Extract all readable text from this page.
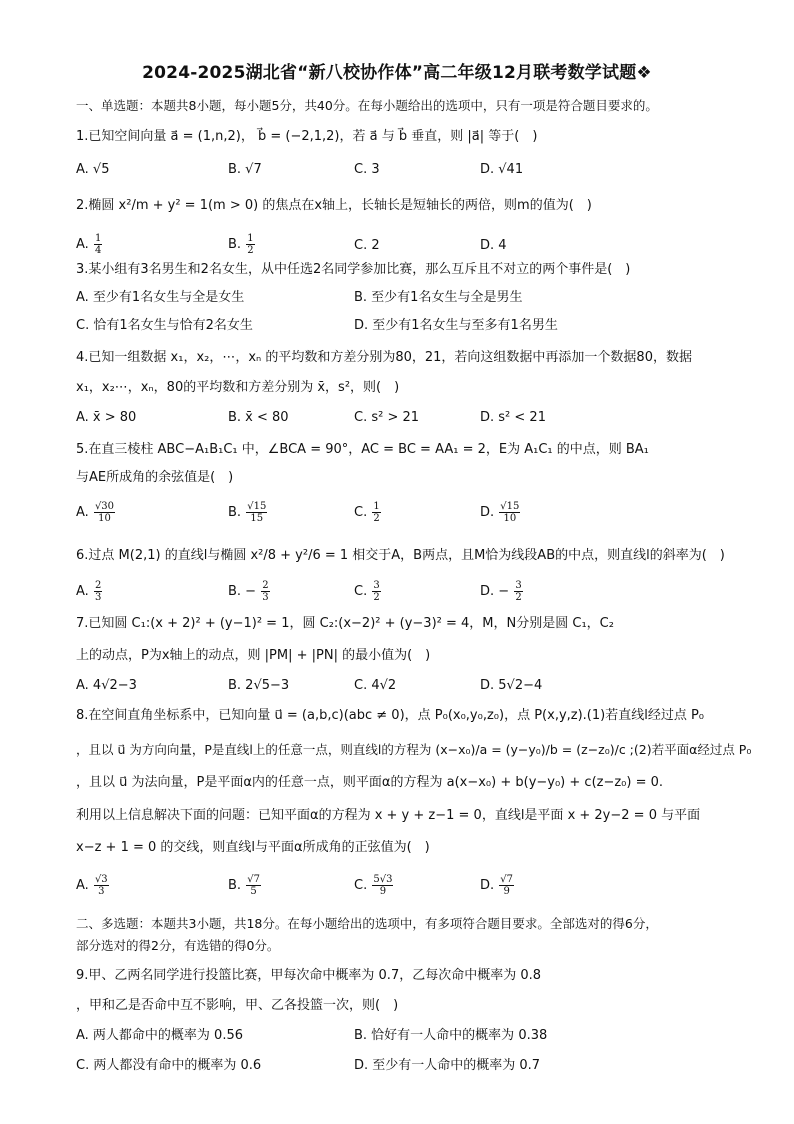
2024-2025湖北省“新八校协作体”高二年级12月联考数学试题❖
一、单选题：本题共8小题，每小题5分，共40分。在每小题给出的选项中，只有一项是符合题目要求的。
1.已知空间向量 a⃗ = (1,n,2)， b⃗ = (−2,1,2)，若 a⃗ 与 b⃗ 垂直，则 |a⃗| 等于(　)
A. √5	B. √7	C. 3	D. √41
2.椭圆 x²/m + y² = 1(m > 0) 的焦点在x轴上，长轴长是短轴长的两倍，则m的值为(　)
A. $\frac{1}{4}$	B. $\frac{1}{2}$	C. 2	D. 4
3.某小组有3名男生和2名女生，从中任选2名同学参加比赛，那么互斥且不对立的两个事件是(　)
A. 至少有1名女生与全是女生	B. 至少有1名女生与全是男生
C. 恰有1名女生与恰有2名女生	D. 至少有1名女生与至多有1名男生
4.已知一组数据 x₁，x₂，⋯，xₙ 的平均数和方差分别为80，21，若向这组数据中再添加一个数据80，数据
x₁，x₂⋯，xₙ，80的平均数和方差分别为 x̄，s²，则(　)
A. x̄ > 80	B. x̄ < 80	C. s² > 21	D. s² < 21
5.在直三棱柱 ABC−A₁B₁C₁ 中，∠BCA = 90°，AC = BC = AA₁ = 2，E为 A₁C₁ 的中点，则 BA₁
与AE所成角的余弦值是(　)
A. $\frac{√30}{10}$	B. $\frac{√15}{15}$	C. $\frac{1}{2}$	D. $\frac{√15}{10}$
6.过点 M(2,1) 的直线l与椭圆 x²/8 + y²/6 = 1 相交于A，B两点，且M恰为线段AB的中点，则直线l的斜率为(　)
A. $\frac{2}{3}$	B. − $\frac{2}{3}$	C. $\frac{3}{2}$	D. − $\frac{3}{2}$
7.已知圆 C₁:(x + 2)² + (y−1)² = 1，圆 C₂:(x−2)² + (y−3)² = 4，M，N分别是圆 C₁，C₂
上的动点，P为x轴上的动点，则 |PM| + |PN| 的最小值为(　)
A. 4√2−3	B. 2√5−3	C. 4√2	D. 5√2−4
8.在空间直角坐标系中，已知向量 u⃗ = (a,b,c)(abc ≠ 0)，点 P₀(x₀,y₀,z₀)，点 P(x,y,z).(1)若直线l经过点 P₀
，且以 u⃗ 为方向向量，P是直线l上的任意一点，则直线l的方程为 (x−x₀)/a = (y−y₀)/b = (z−z₀)/c ;(2)若平面α经过点 P₀
，且以 u⃗ 为法向量，P是平面α内的任意一点，则平面α的方程为 a(x−x₀) + b(y−y₀) + c(z−z₀) = 0.
利用以上信息解决下面的问题：已知平面α的方程为 x + y + z−1 = 0，直线l是平面 x + 2y−2 = 0 与平面
x−z + 1 = 0 的交线，则直线l与平面α所成角的正弦值为(　)
A. $\frac{√3}{3}$	B. $\frac{√7}{5}$	C. $\frac{5√3}{9}$	D. $\frac{√7}{9}$
二、多选题：本题共3小题，共18分。在每小题给出的选项中，有多项符合题目要求。全部选对的得6分，
部分选对的得2分，有选错的得0分。
9.甲、乙两名同学进行投篮比赛，甲每次命中概率为 0.7，乙每次命中概率为 0.8
，甲和乙是否命中互不影响，甲、乙各投篮一次，则(　)
A. 两人都命中的概率为 0.56	B. 恰好有一人命中的概率为 0.38
C. 两人都没有命中的概率为 0.6	D. 至少有一人命中的概率为 0.7
